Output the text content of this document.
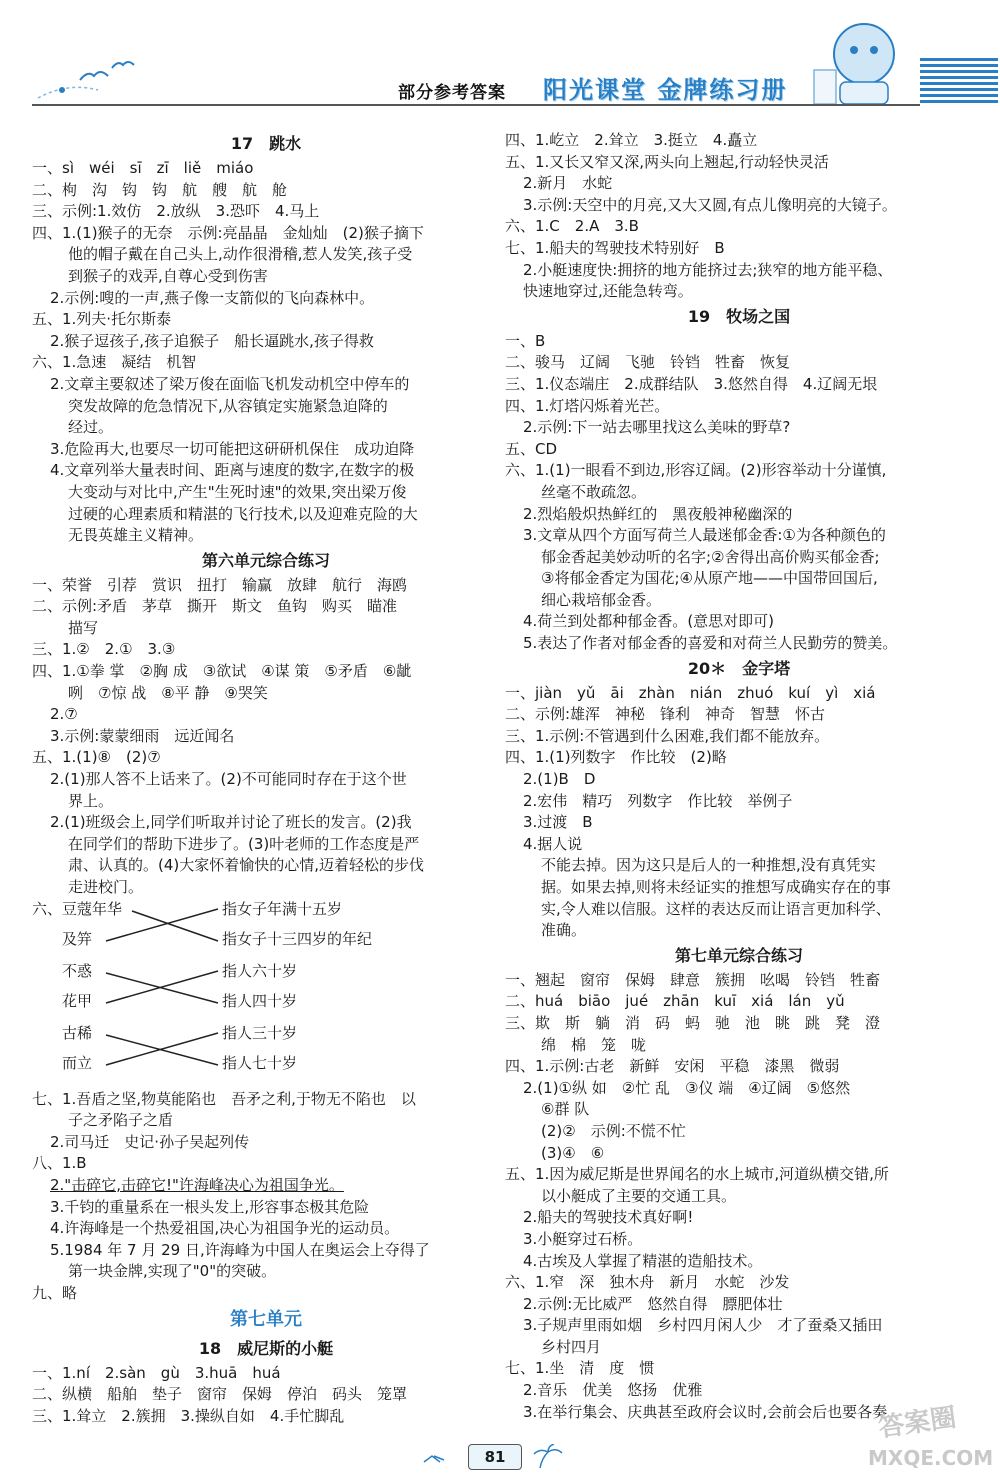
部分参考答案 阳光课堂 金牌练习册
17　跳水
一、sì　wéi　sī　zī　liě　miáo
二、枸　沟　钩　钩　航　艘　航　舱
三、示例:1.效仿　2.放纵　3.恐吓　4.马上
四、1.(1)猴子的无奈　示例:亮晶晶　金灿灿　(2)猴子摘下
他的帽子戴在自己头上,动作很滑稽,惹人发笑,孩子受
到猴子的戏弄,自尊心受到伤害
2.示例:嗖的一声,燕子像一支箭似的飞向森林中。
五、1.列夫·托尔斯泰
2.猴子逗孩子,孩子追猴子　船长逼跳水,孩子得救
六、1.急速　凝结　机智
2.文章主要叙述了梁万俊在面临飞机发动机空中停车的
突发故障的危急情况下,从容镇定实施紧急迫降的
经过。
3.危险再大,也要尽一切可能把这研研机保住　成功迫降
4.文章列举大量表时间、距离与速度的数字,在数字的极
大变动与对比中,产生"生死时速"的效果,突出梁万俊
过硬的心理素质和精湛的飞行技术,以及迎难克险的大
无畏英雄主义精神。
第六单元综合练习
一、荣誉　引荐　赏识　扭打　输赢　放肆　航行　海鸥
二、示例:矛盾　茅草　撕开　斯文　鱼钩　购买　瞄准
描写
三、1.②　2.①　3.③
四、1.①拳 掌　②胸 成　③欲试　④谋 策　⑤矛盾　⑥龇
咧　⑦惊 战　⑧平 静　⑨哭笑
2.⑦
3.示例:蒙蒙细雨　远近闻名
五、1.(1)⑧　(2)⑦
2.(1)那人答不上话来了。(2)不可能同时存在于这个世
界上。
2.(1)班级会上,同学们听取并讨论了班长的发言。(2)我
在同学们的帮助下进步了。(3)叶老师的工作态度是严
肃、认真的。(4)大家怀着愉快的心情,迈着轻松的步伐
走进校门。
六、 豆蔻年华
及笄
不惑
花甲
古稀
而立
指女子年满十五岁
指女子十三四岁的年纪
指人六十岁
指人四十岁
指人三十岁
指人七十岁
七、1.吾盾之坚,物莫能陷也　吾矛之利,于物无不陷也　以
子之矛陷子之盾
2.司马迁　史记·孙子吴起列传
八、1.B
2."击碎它,击碎它!"许海峰决心为祖国争光。
3.千钧的重量系在一根头发上,形容事态极其危险
4.许海峰是一个热爱祖国,决心为祖国争光的运动员。
5.1984 年 7 月 29 日,许海峰为中国人在奥运会上夺得了
第一块金牌,实现了"0"的突破。
九、略
第七单元
18　威尼斯的小艇
一、1.ní　2.sàn　gù　3.huā　huá
二、纵横　船舶　垫子　窗帘　保姆　停泊　码头　笼罩
三、1.耸立　2.簇拥　3.操纵自如　4.手忙脚乱
四、1.屹立　2.耸立　3.挺立　4.矗立
五、1.又长又窄又深,两头向上翘起,行动轻快灵活
2.新月　水蛇
3.示例:天空中的月亮,又大又圆,有点儿像明亮的大镜子。
六、1.C　2.A　3.B
七、1.船夫的驾驶技术特别好　B
2.小艇速度快:拥挤的地方能挤过去;狭窄的地方能平稳、
快速地穿过,还能急转弯。
19　牧场之国
一、B
二、骏马　辽阔　飞驰　铃铛　牲畜　恢复
三、1.仪态端庄　2.成群结队　3.悠然自得　4.辽阔无垠
四、1.灯塔闪烁着光芒。
2.示例:下一站去哪里找这么美味的野草?
五、CD
六、1.(1)一眼看不到边,形容辽阔。(2)形容举动十分谨慎,
丝毫不敢疏忽。
2.烈焰般炽热鲜红的　黑夜般神秘幽深的
3.文章从四个方面写荷兰人最迷郁金香:①为各种颜色的
郁金香起美妙动听的名字;②舍得出高价购买郁金香;
③将郁金香定为国花;④从原产地——中国带回国后,
细心栽培郁金香。
4.荷兰到处都种郁金香。(意思对即可)
5.表达了作者对郁金香的喜爱和对荷兰人民勤劳的赞美。
20＊　金字塔
一、jiàn　yǔ　āi　zhàn　nián　zhuó　kuí　yì　xiá
二、示例:雄浑　神秘　锋利　神奇　智慧　怀古
三、1.示例:不管遇到什么困难,我们都不能放弃。
四、1.(1)列数字　作比较　(2)略
2.(1)B　D
2.宏伟　精巧　列数字　作比较　举例子
3.过渡　B
4.据人说
不能去掉。因为这只是后人的一种推想,没有真凭实
据。如果去掉,则将未经证实的推想写成确实存在的事
实,令人难以信服。这样的表达反而让语言更加科学、
准确。
第七单元综合练习
一、翘起　窗帘　保姆　肆意　簇拥　吆喝　铃铛　牲畜
二、huá　biāo　jué　zhān　kuī　xiá　lán　yǔ
三、欺　斯　躺　消　码　蚂　驰　池　眺　跳　凳　澄
绵　棉　笼　咙
四、1.示例:古老　新鲜　安闲　平稳　漆黑　微弱
2.(1)①纵 如　②忙 乱　③仪 端　④辽阔　⑤悠然
⑥群 队
(2)②　示例:不慌不忙
(3)④　⑥
五、1.因为威尼斯是世界闻名的水上城市,河道纵横交错,所
以小艇成了主要的交通工具。
2.船夫的驾驶技术真好啊!
3.小艇穿过石桥。
4.古埃及人掌握了精湛的造船技术。
六、1.窄　深　独木舟　新月　水蛇　沙发
2.示例:无比威严　悠然自得　膘肥体壮
3.子规声里雨如烟　乡村四月闲人少　才了蚕桑又插田
乡村四月
七、1.坐　清　度　惯
2.音乐　优美　悠扬　优雅
3.在举行集会、庆典甚至政府会议时,会前会后也要各奏
81
答案圈
MXQE.COM
